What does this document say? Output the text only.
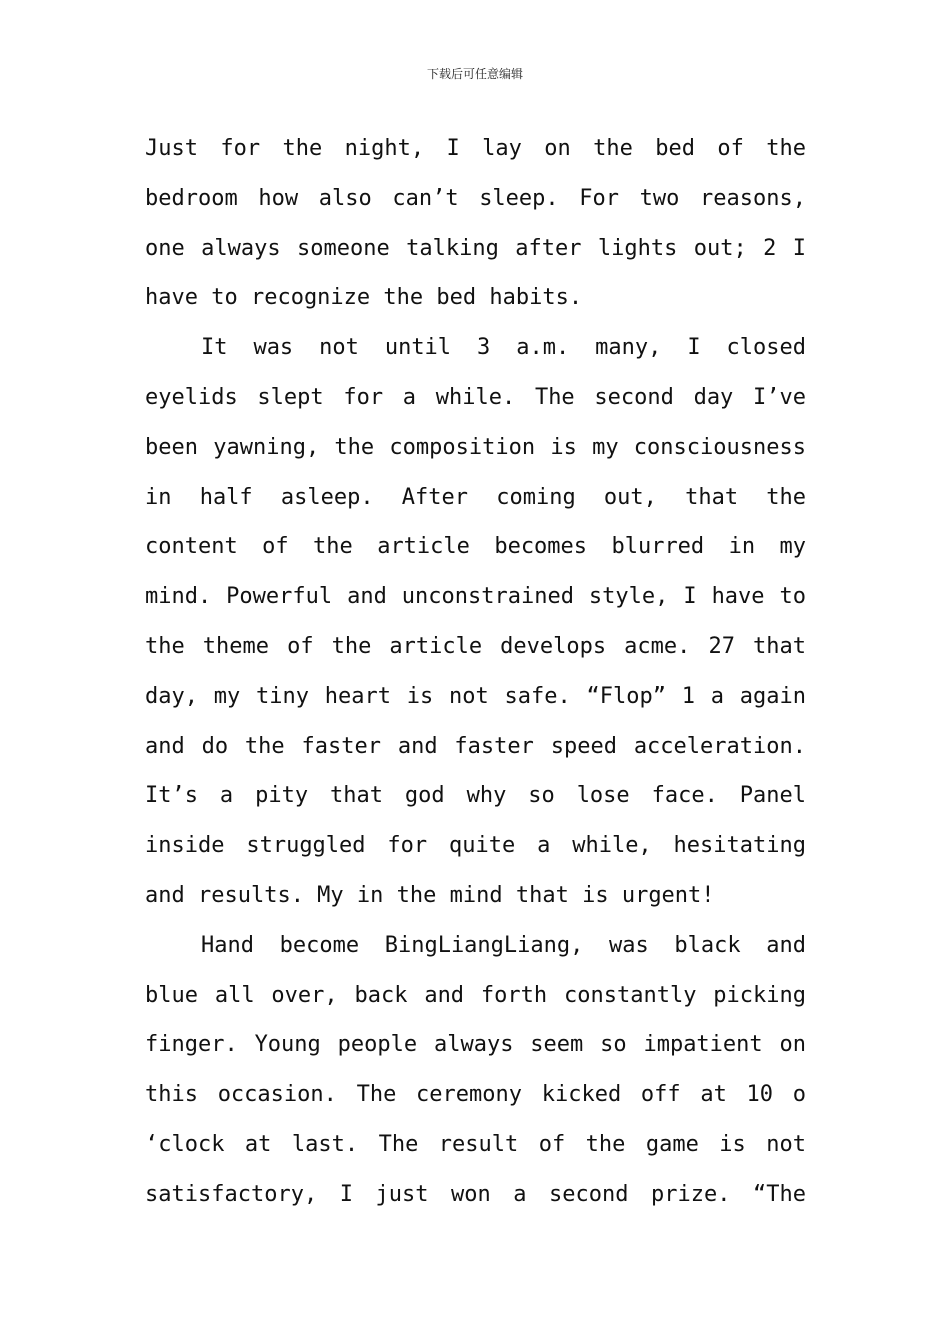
下载后可任意编辑

Just for the night, I lay on the bed of the bedroom how also can’t sleep. For two reasons, one always someone talking after lights out; 2 I have to recognize the bed habits.

It was not until 3 a.m. many, I closed eyelids slept for a while. The second day I’ve been yawning, the composition is my consciousness in half asleep. After coming out, that the content of the article becomes blurred in my mind. Powerful and unconstrained style, I have to the theme of the article develops acme. 27 that day, my tiny heart is not safe. “Flop” 1 a again and do the faster and faster speed acceleration. It’s a pity that god why so lose face. Panel inside struggled for quite a while, hesitating and results. My in the mind that is urgent!

Hand become BingLiangLiang, was black and blue all over, back and forth constantly picking finger. Young people always seem so impatient on this occasion. The ceremony kicked off at 10 o ‘clock at last. The result of the game is not satisfactory, I just won a second prize. “The
